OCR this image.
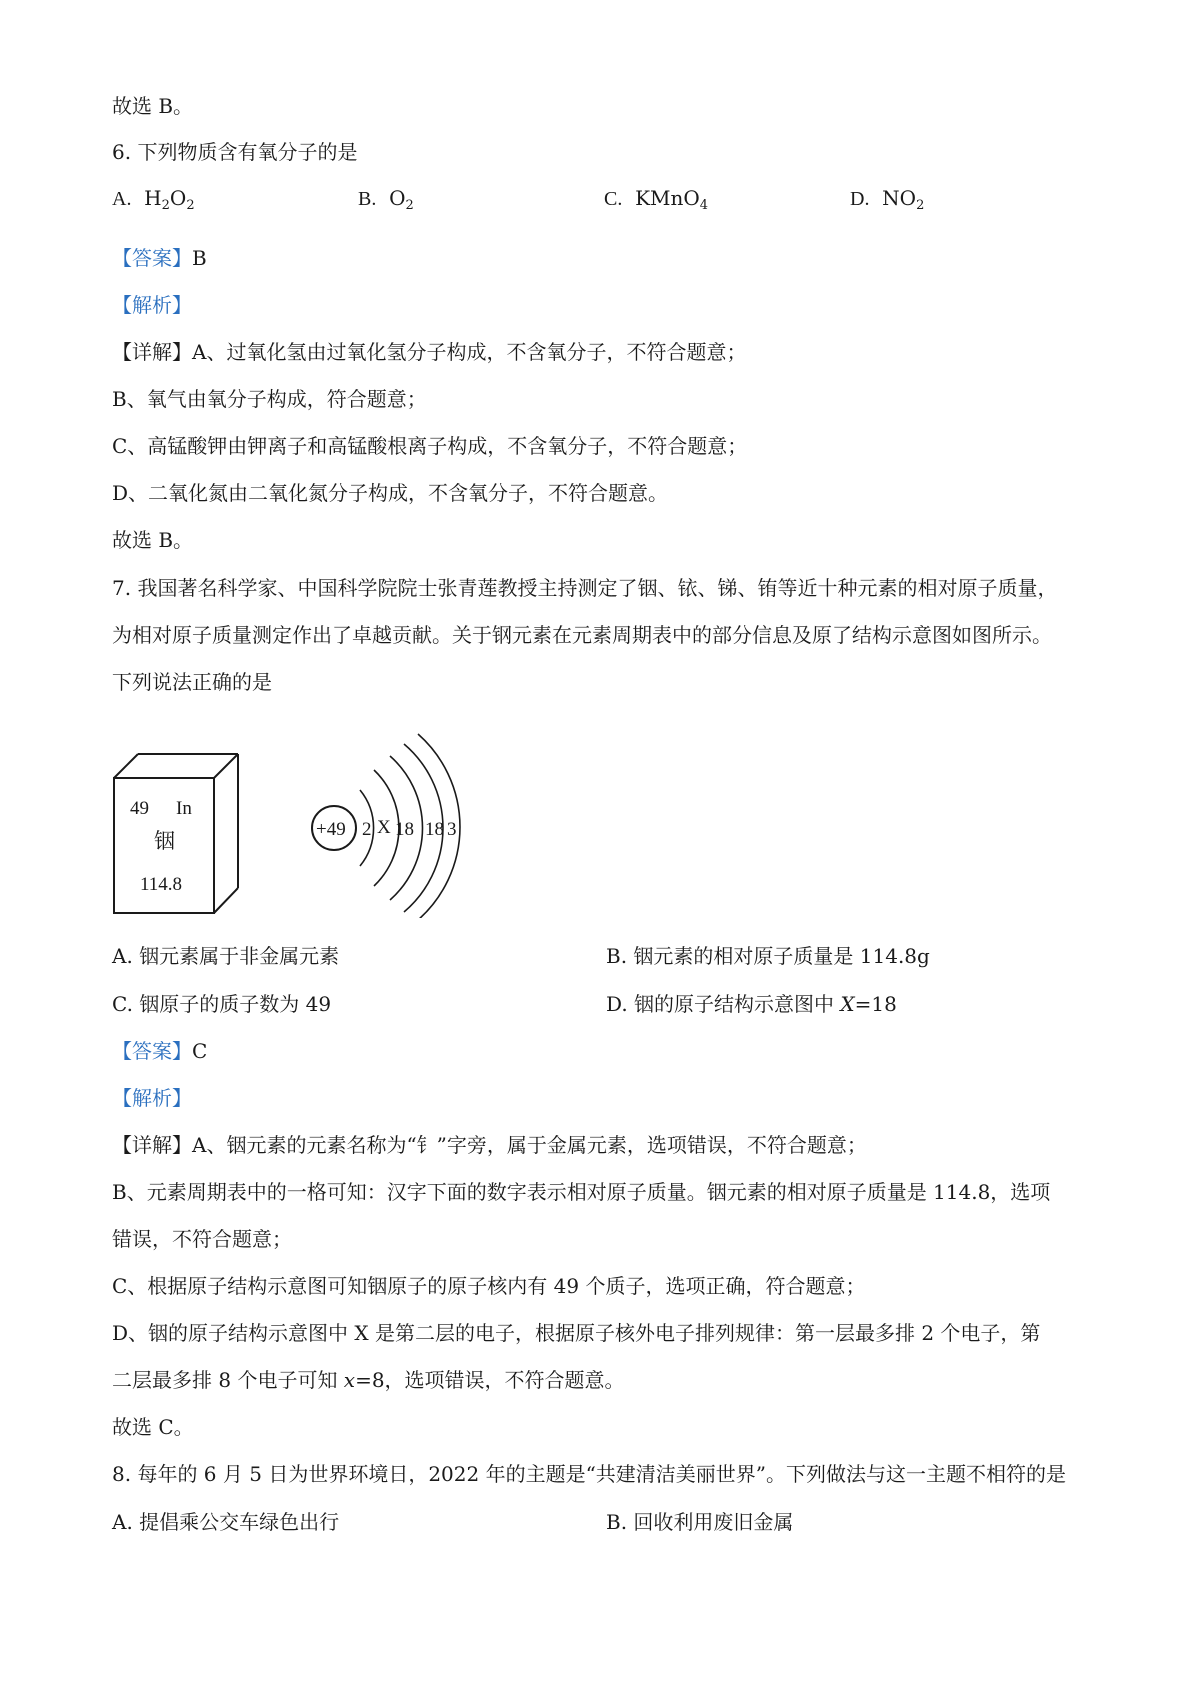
故选 B。
6. 下列物质含有氧分子的是
A. $H_2O_2$	B. $O_2$	C. KMnO$_4$	D. $NO_2$
【答案】B
【解析】
【详解】A、过氧化氢由过氧化氢分子构成，不含氧分子，不符合题意；
B、氧气由氧分子构成，符合题意；
C、高锰酸钾由钾离子和高锰酸根离子构成，不含氧分子，不符合题意；
D、二氧化氮由二氧化氮分子构成，不含氧分子，不符合题意。
故选 B。
7. 我国著名科学家、中国科学院院士张青莲教授主持测定了铟、铱、锑、铕等近十种元素的相对原子质量，
为相对原子质量测定作出了卓越贡献。关于钢元素在元素周期表中的部分信息及原了结构示意图如图所示。
下列说法正确的是
49 In
铟
114.8
+49 2 X 18 18 3
A. 铟元素属于非金属元素	B. 铟元素的相对原子质量是 114.8g
C. 铟原子的质子数为 49	D. 铟的原子结构示意图中 X=18
【答案】C
【解析】
【详解】A、铟元素的元素名称为“钅”字旁，属于金属元素，选项错误，不符合题意；
B、元素周期表中的一格可知：汉字下面的数字表示相对原子质量。铟元素的相对原子质量是 114.8，选项
错误，不符合题意；
C、根据原子结构示意图可知铟原子的原子核内有 49 个质子，选项正确，符合题意；
D、铟的原子结构示意图中 X 是第二层的电子，根据原子核外电子排列规律：第一层最多排 2 个电子，第
二层最多排 8 个电子可知 x=8，选项错误，不符合题意。
故选 C。
8. 每年的 6 月 5 日为世界环境日，2022 年的主题是“共建清洁美丽世界”。下列做法与这一主题不相符的是
A. 提倡乘公交车绿色出行	B. 回收利用废旧金属
